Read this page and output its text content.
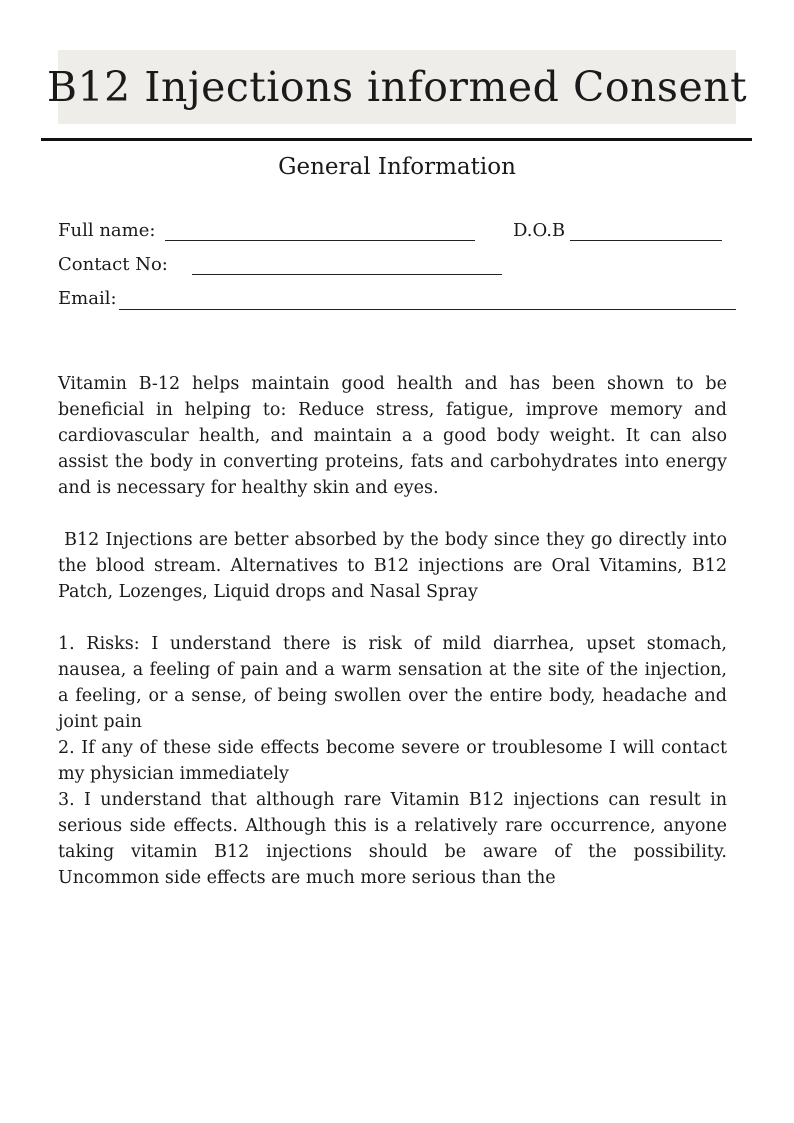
B12 Injections informed Consent
General Information
Full name:	D.O.B
Contact No:
Email:

Vitamin B-12 helps maintain good health and has been shown to be beneficial in helping to: Reduce stress, fatigue, improve memory and cardiovascular health, and maintain a a good body weight. It can also assist the body in converting proteins, fats and carbohydrates into energy and is necessary for healthy skin and eyes.

B12 Injections are better absorbed by the body since they go directly into the blood stream. Alternatives to B12 injections are Oral Vitamins, B12 Patch, Lozenges, Liquid drops and Nasal Spray

1. Risks: I understand there is risk of mild diarrhea, upset stomach, nausea, a feeling of pain and a warm sensation at the site of the injection, a feeling, or a sense, of being swollen over the entire body, headache and joint pain

2. If any of these side effects become severe or troublesome I will contact my physician immediately

3. I understand that although rare Vitamin B12 injections can result in serious side effects. Although this is a relatively rare occurrence, anyone taking vitamin B12 injections should be aware of the possibility. Uncommon side effects are much more serious than the
